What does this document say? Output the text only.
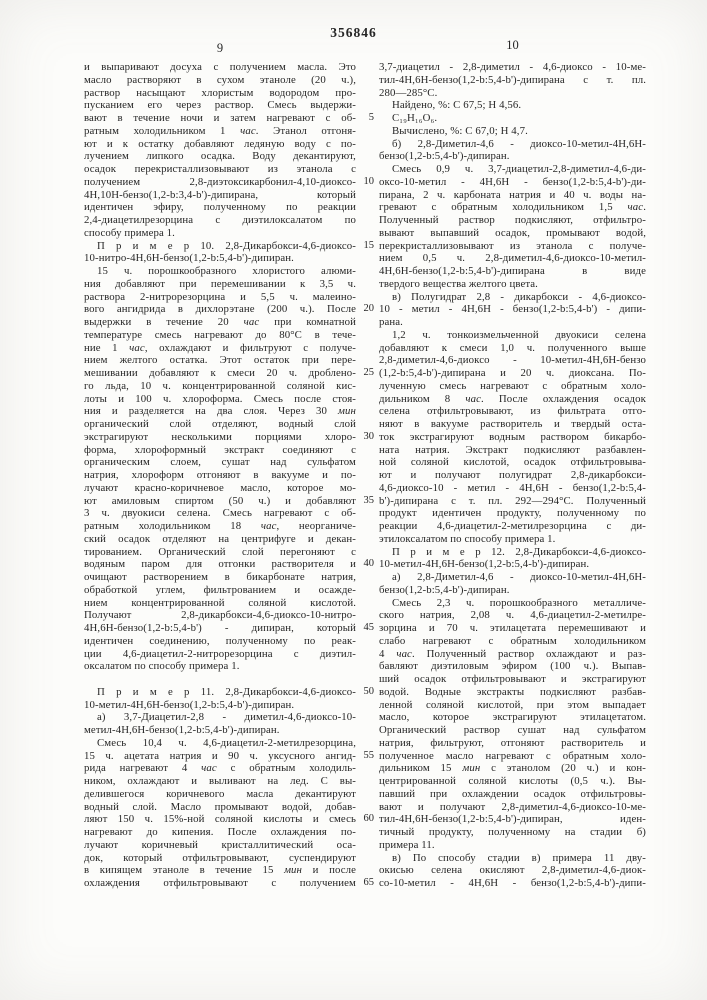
356846
9	10
и выпаривают досуха с получением масла. Это
масло растворяют в сухом этаноле (20 ч.),
раствор насыщают хлористым водородом про-
пусканием его через раствор. Смесь выдержи-
вают в течение ночи и затем нагревают с об-
ратным холодильником 1 час. Этанол отгоня-
ют и к остатку добавляют ледяную воду с по-
лучением липкого осадка. Воду декантируют,
осадок перекристаллизовывают из этанола с
получением 2,8-диэтоксикарбонил-4,10-диоксо-
4Н,10Н-бензо(1,2-b:3,4-b')-дипирана, который
идентичен эфиру, полученному по реакции
2,4-диацетилрезорцина с диэтилоксалатом по
способу примера 1.
П р и м е р 10. 2,8-Дикарбокси-4,6-диоксо-
10-нитро-4Н,6Н-бензо(1,2-b:5,4-b')-дипиран.
15 ч. порошкообразного хлористого алюми-
ния добавляют при перемешивании к 3,5 ч.
раствора 2-нитрорезорцина и 5,5 ч. малеино-
вого ангидрида в дихлорэтане (200 ч.). После
выдержки в течение 20 час при комнатной
температуре смесь нагревают до 80°С в тече-
ние 1 час, охлаждают и фильтруют с получе-
нием желтого остатка. Этот остаток при пере-
мешивании добавляют к смеси 20 ч. дроблено-
го льда, 10 ч. концентрированной соляной кис-
лоты и 100 ч. хлороформа. Смесь после стоя-
ния и разделяется на два слоя. Через 30 мин
органический слой отделяют, водный слой
экстрагируют несколькими порциями хлоро-
форма, хлороформный экстракт соединяют с
органическим слоем, сушат над сульфатом
натрия, хлороформ отгоняют в вакууме и по-
лучают красно-коричневое масло, которое мо-
ют амиловым спиртом (50 ч.) и добавляют
3 ч. двуокиси селена. Смесь нагревают с об-
ратным холодильником 18 час, неорганиче-
ский осадок отделяют на центрифуге и декан-
тированием. Органический слой перегоняют с
водяным паром для отгонки растворителя и
очищают растворением в бикарбонате натрия,
обработкой углем, фильтрованием и осажде-
нием концентрированной соляной кислотой.
Получают 2,8-дикарбокси-4,6-диоксо-10-нитро-
4Н,6Н-бензо(1,2-b:5,4-b') - дипиран, который
идентичен соединению, полученному по реак-
ции 4,6-диацетил-2-нитрорезорцина с диэтил-
оксалатом по способу примера 1.
П р и м е р 11. 2,8-Дикарбокси-4,6-диоксо-
10-метил-4Н,6Н-бензо(1,2-b:5,4-b')-дипиран.
а) 3,7-Диацетил-2,8 - диметил-4,6-диоксо-10-
метил-4Н,6Н-бензо(1,2-b:5,4-b')-дипиран.
Смесь 10,4 ч. 4,6-диацетил-2-метилрезорцина,
15 ч. ацетата натрия и 90 ч. уксусного ангид-
рида нагревают 4 час с обратным холодиль-
ником, охлаждают и выливают на лед. С вы-
делившегося коричневого масла декантируют
водный слой. Масло промывают водой, добав-
ляют 150 ч. 15%-ной соляной кислоты и смесь
нагревают до кипения. После охлаждения по-
лучают коричневый кристаллитический оса-
док, который отфильтровывают, суспендируют
в кипящем этаноле в течение 15 мин и после
охлаждения отфильтровывают с получением
5
10
15
20
25
30
35
40
45
50
55
60
65
3,7-диацетил - 2,8-диметил - 4,6-диоксо - 10-ме-
тил-4Н,6Н-бензо(1,2-b:5,4-b')-дипирана с т. пл.
280—285°С.
Найдено, %: С 67,5; Н 4,56.
С₁₉Н₁₆О₆.
Вычислено, %: С 67,0; Н 4,7.
б) 2,8-Диметил-4,6 - диоксо-10-метил-4Н,6Н-
бензо(1,2-b:5,4-b')-дипиран.
Смесь 0,9 ч. 3,7-диацетил-2,8-диметил-4,6-ди-
оксо-10-метил - 4Н,6Н - бензо(1,2-b:5,4-b')-ди-
пирана, 2 ч. карбоната натрия и 40 ч. воды на-
гревают с обратным холодильником 1,5 час.
Полученный раствор подкисляют, отфильтро-
вывают выпавший осадок, промывают водой,
перекристаллизовывают из этанола с получе-
нием 0,5 ч. 2,8-диметил-4,6-диоксо-10-метил-
4Н,6Н-бензо(1,2-b:5,4-b')-дипирана в виде
твердого вещества желтого цвета.
в) Полугидрат 2,8 - дикарбокси - 4,6-диоксо-
10 - метил - 4Н,6Н - бензо(1,2-b:5,4-b') - дипи-
рана.
1,2 ч. тонкоизмельченной двуокиси селена
добавляют к смеси 1,0 ч. полученного выше
2,8-диметил-4,6-диоксо - 10-метил-4Н,6Н-бензо
(1,2-b:5,4-b')-дипирана и 20 ч. диоксана. По-
лученную смесь нагревают с обратным холо-
дильником 8 час. После охлаждения осадок
селена отфильтровывают, из фильтрата отго-
няют в вакууме растворитель и твердый оста-
ток экстрагируют водным раствором бикарбо-
ната натрия. Экстракт подкисляют разбавлен-
ной соляной кислотой, осадок отфильтровыва-
ют и получают полугидрат 2,8-дикарбокси-
4,6-диоксо-10 - метил - 4Н,6Н - бензо(1,2-b:5,4-
b')-дипирана с т. пл. 292—294°С. Полученный
продукт идентичен продукту, полученному по
реакции 4,6-диацетил-2-метилрезорцина с ди-
этилоксалатом по способу примера 1.
П р и м е р 12. 2,8-Дикарбокси-4,6-диоксо-
10-метил-4Н,6Н-бензо(1,2-b:5,4-b')-дипиран.
а) 2,8-Диметил-4,6 - диоксо-10-метил-4Н,6Н-
бензо(1,2-b:5,4-b')-дипиран.
Смесь 2,3 ч. порошкообразного металличе-
ского натрия, 2,08 ч. 4,6-диацетил-2-метилре-
зорцина и 70 ч. этилацетата перемешивают и
слабо нагревают с обратным холодильником
4 час. Полученный раствор охлаждают и раз-
бавляют диэтиловым эфиром (100 ч.). Выпав-
ший осадок отфильтровывают и экстрагируют
водой. Водные экстракты подкисляют разбав-
ленной соляной кислотой, при этом выпадает
масло, которое экстрагируют этилацетатом.
Органический раствор сушат над сульфатом
натрия, фильтруют, отгоняют растворитель и
полученное масло нагревают с обратным холо-
дильником 15 мин с этанолом (20 ч.) и кон-
центрированной соляной кислоты (0,5 ч.). Вы-
павший при охлаждении осадок отфильтровы-
вают и получают 2,8-диметил-4,6-диоксо-10-ме-
тил-4Н,6Н-бензо(1,2-b:5,4-b')-дипиран, иден-
тичный продукту, полученному на стадии б)
примера 11.
в) По способу стадии в) примера 11 дву-
окисью селена окисляют 2,8-диметил-4,6-диок-
со-10-метил - 4Н,6Н - бензо(1,2-b:5,4-b')-дипи-
